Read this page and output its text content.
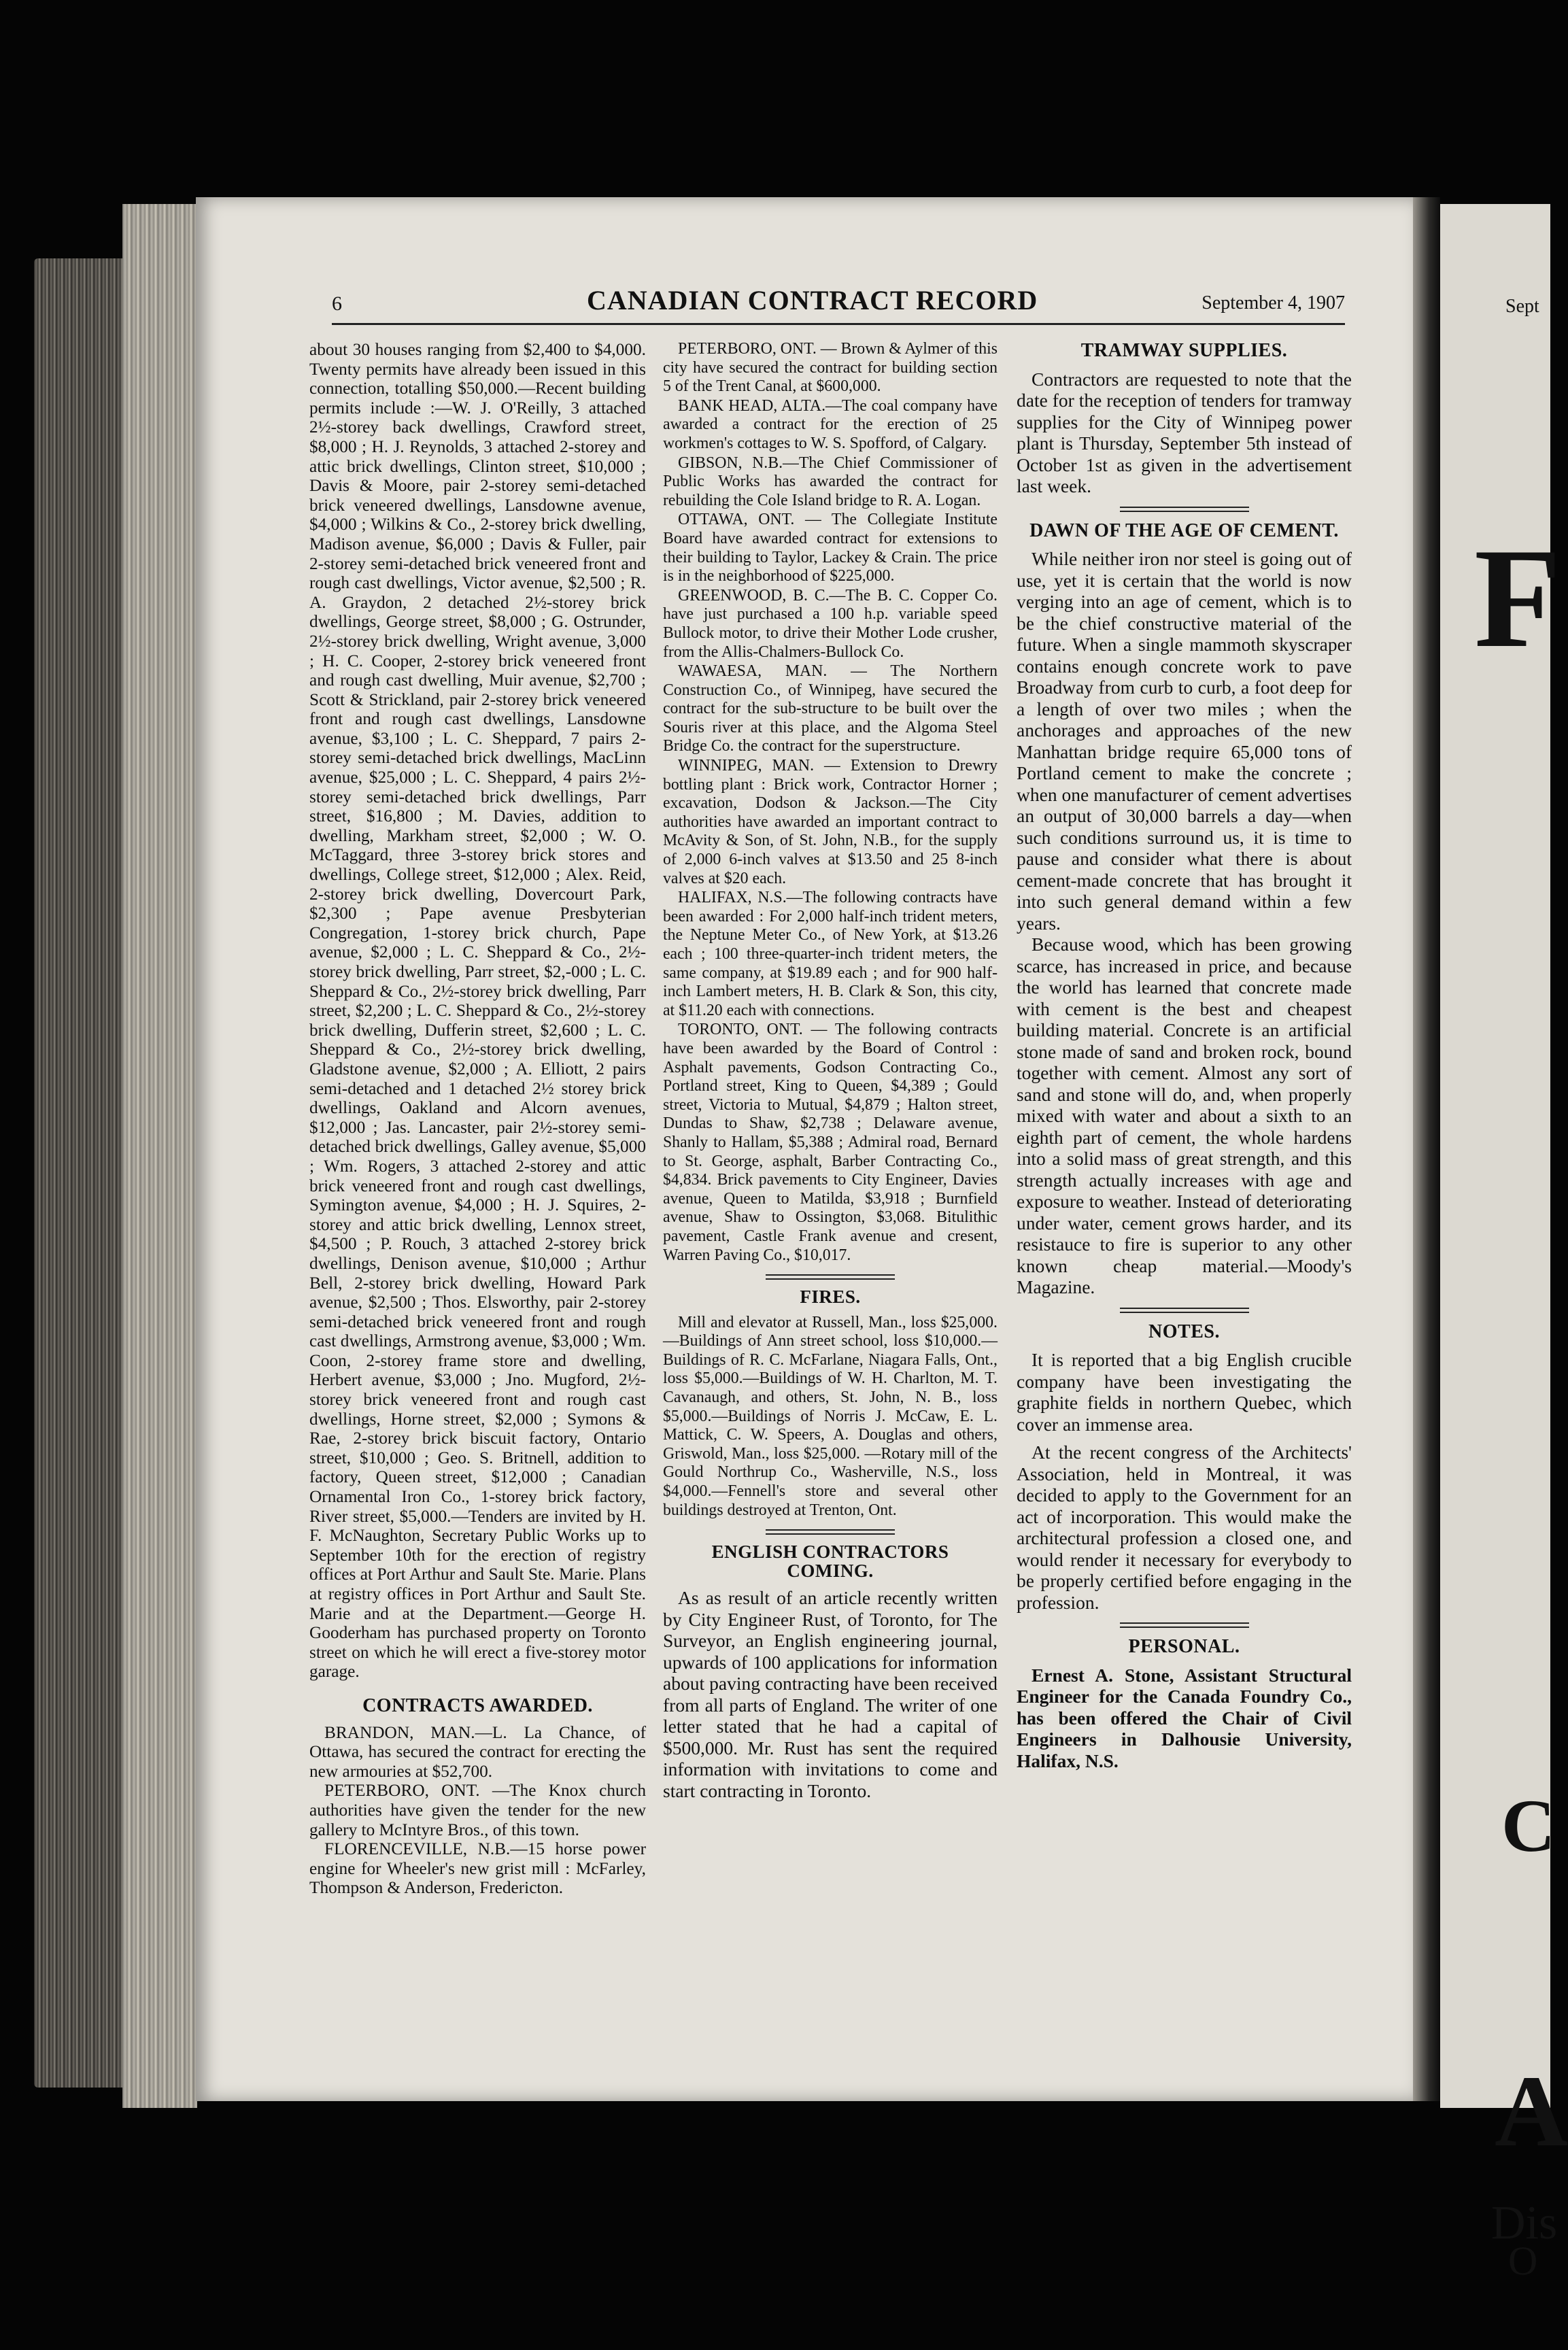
Sept
F
C
A
Dis
O
6	CANADIAN CONTRACT RECORD	September 4, 1907

about 30 houses ranging from $2,400 to $4,000. Twenty permits have already been issued in this connection, totalling $50,000.—Recent building permits include :—W. J. O'Reilly, 3 attached 2½-storey back dwellings, Crawford street, $8,000 ; H. J. Reynolds, 3 attached 2-storey and attic brick dwellings, Clinton street, $10,000 ; Davis & Moore, pair 2-storey semi-detached brick veneered dwellings, Lansdowne avenue, $4,000 ; Wilkins & Co., 2-storey brick dwelling, Madison avenue, $6,000 ; Davis & Fuller, pair 2-storey semi-detached brick veneered front and rough cast dwellings, Victor avenue, $2,500 ; R. A. Graydon, 2 detached 2½-storey brick dwellings, George street, $8,000 ; G. Ostrunder, 2½-storey brick dwelling, Wright avenue, 3,000 ; H. C. Cooper, 2-storey brick veneered front and rough cast dwelling, Muir avenue, $2,700 ; Scott & Strickland, pair 2-storey brick veneered front and rough cast dwellings, Lansdowne avenue, $3,100 ; L. C. Sheppard, 7 pairs 2-storey semi-detached brick dwellings, MacLinn avenue, $25,000 ; L. C. Sheppard, 4 pairs 2½-storey semi-detached brick dwellings, Parr street, $16,800 ; M. Davies, addition to dwelling, Markham street, $2,000 ; W. O. McTaggard, three 3-storey brick stores and dwellings, College street, $12,000 ; Alex. Reid, 2-storey brick dwelling, Dovercourt Park, $2,300 ; Pape avenue Presbyterian Congregation, 1-storey brick church, Pape avenue, $2,000 ; L. C. Sheppard & Co., 2½-storey brick dwelling, Parr street, $2,-000 ; L. C. Sheppard & Co., 2½-storey brick dwelling, Parr street, $2,200 ; L. C. Sheppard & Co., 2½-storey brick dwelling, Dufferin street, $2,600 ; L. C. Sheppard & Co., 2½-storey brick dwelling, Gladstone avenue, $2,000 ; A. Elliott, 2 pairs semi-detached and 1 detached 2½ storey brick dwellings, Oakland and Alcorn avenues, $12,000 ; Jas. Lancaster, pair 2½-storey semi-detached brick dwellings, Galley avenue, $5,000 ; Wm. Rogers, 3 attached 2-storey and attic brick veneered front and rough cast dwellings, Symington avenue, $4,000 ; H. J. Squires, 2-storey and attic brick dwelling, Lennox street, $4,500 ; P. Rouch, 3 attached 2-storey brick dwellings, Denison avenue, $10,000 ; Arthur Bell, 2-storey brick dwelling, Howard Park avenue, $2,500 ; Thos. Elsworthy, pair 2-storey semi-detached brick veneered front and rough cast dwellings, Armstrong avenue, $3,000 ; Wm. Coon, 2-storey frame store and dwelling, Herbert avenue, $3,000 ; Jno. Mugford, 2½-storey brick veneered front and rough cast dwellings, Horne street, $2,000 ; Symons & Rae, 2-storey brick biscuit factory, Ontario street, $10,000 ; Geo. S. Britnell, addition to factory, Queen street, $12,000 ; Canadian Ornamental Iron Co., 1-storey brick factory, River street, $5,000.—Tenders are invited by H. F. McNaughton, Secretary Public Works up to September 10th for the erection of registry offices at Port Arthur and Sault Ste. Marie. Plans at registry offices in Port Arthur and Sault Ste. Marie and at the Department.—George H. Gooderham has purchased property on Toronto street on which he will erect a five-storey motor garage.

CONTRACTS AWARDED.

BRANDON, MAN.—L. La Chance, of Ottawa, has secured the contract for erecting the new armouries at $52,700.

PETERBORO, ONT. —The Knox church authorities have given the tender for the new gallery to McIntyre Bros., of this town.

FLORENCEVILLE, N.B.—15 horse power engine for Wheeler's new grist mill : McFarley, Thompson & Anderson, Fredericton.

PETERBORO, ONT. — Brown & Aylmer of this city have secured the contract for building section 5 of the Trent Canal, at $600,000.

BANK HEAD, ALTA.—The coal company have awarded a contract for the erection of 25 workmen's cottages to W. S. Spofford, of Calgary.

GIBSON, N.B.—The Chief Commissioner of Public Works has awarded the contract for rebuilding the Cole Island bridge to R. A. Logan.

OTTAWA, ONT. — The Collegiate Institute Board have awarded contract for extensions to their building to Taylor, Lackey & Crain. The price is in the neighborhood of $225,000.

GREENWOOD, B. C.—The B. C. Copper Co. have just purchased a 100 h.p. variable speed Bullock motor, to drive their Mother Lode crusher, from the Allis-Chalmers-Bullock Co.

WAWAESA, MAN. — The Northern Construction Co., of Winnipeg, have secured the contract for the sub-structure to be built over the Souris river at this place, and the Algoma Steel Bridge Co. the contract for the superstructure.

WINNIPEG, MAN. — Extension to Drewry bottling plant : Brick work, Contractor Horner ; excavation, Dodson & Jackson.—The City authorities have awarded an important contract to McAvity & Son, of St. John, N.B., for the supply of 2,000 6-inch valves at $13.50 and 25 8-inch valves at $20 each.

HALIFAX, N.S.—The following contracts have been awarded : For 2,000 half-inch trident meters, the Neptune Meter Co., of New York, at $13.26 each ; 100 three-quarter-inch trident meters, the same company, at $19.89 each ; and for 900 half-inch Lambert meters, H. B. Clark & Son, this city, at $11.20 each with connections.

TORONTO, ONT. — The following contracts have been awarded by the Board of Control : Asphalt pavements, Godson Contracting Co., Portland street, King to Queen, $4,389 ; Gould street, Victoria to Mutual, $4,879 ; Halton street, Dundas to Shaw, $2,738 ; Delaware avenue, Shanly to Hallam, $5,388 ; Admiral road, Bernard to St. George, asphalt, Barber Contracting Co., $4,834. Brick pavements to City Engineer, Davies avenue, Queen to Matilda, $3,918 ; Burnfield avenue, Shaw to Ossington, $3,068. Bitulithic pavement, Castle Frank avenue and cresent, Warren Paving Co., $10,017.

FIRES.

Mill and elevator at Russell, Man., loss $25,000.—Buildings of Ann street school, loss $10,000.—Buildings of R. C. McFarlane, Niagara Falls, Ont., loss $5,000.—Buildings of W. H. Charlton, M. T. Cavanaugh, and others, St. John, N. B., loss $5,000.—Buildings of Norris J. McCaw, E. L. Mattick, C. W. Speers, A. Douglas and others, Griswold, Man., loss $25,000. —Rotary mill of the Gould Northrup Co., Washerville, N.S., loss $4,000.—Fennell's store and several other buildings destroyed at Trenton, Ont.

ENGLISH CONTRACTORS
COMING.

As as result of an article recently written by City Engineer Rust, of Toronto, for The Surveyor, an English engineering journal, upwards of 100 applications for information about paving contracting have been received from all parts of England. The writer of one letter stated that he had a capital of $500,000. Mr. Rust has sent the required information with invitations to come and start contracting in Toronto.

TRAMWAY SUPPLIES.

Contractors are requested to note that the date for the reception of tenders for tramway supplies for the City of Winnipeg power plant is Thursday, September 5th instead of October 1st as given in the advertisement last week.

DAWN OF THE AGE OF CEMENT.

While neither iron nor steel is going out of use, yet it is certain that the world is now verging into an age of cement, which is to be the chief constructive material of the future. When a single mammoth skyscraper contains enough concrete work to pave Broadway from curb to curb, a foot deep for a length of over two miles ; when the anchorages and approaches of the new Manhattan bridge require 65,000 tons of Portland cement to make the concrete ; when one manufacturer of cement advertises an output of 30,000 barrels a day—when such conditions surround us, it is time to pause and consider what there is about cement-made concrete that has brought it into such general demand within a few years.

Because wood, which has been growing scarce, has increased in price, and because the world has learned that concrete made with cement is the best and cheapest building material. Concrete is an artificial stone made of sand and broken rock, bound together with cement. Almost any sort of sand and stone will do, and, when properly mixed with water and about a sixth to an eighth part of cement, the whole hardens into a solid mass of great strength, and this strength actually increases with age and exposure to weather. Instead of deteriorating under water, cement grows harder, and its resistauce to fire is superior to any other known cheap material.—Moody's Magazine.

NOTES.

It is reported that a big English crucible company have been investigating the graphite fields in northern Quebec, which cover an immense area.

At the recent congress of the Architects' Association, held in Montreal, it was decided to apply to the Government for an act of incorporation. This would make the architectural profession a closed one, and would render it necessary for everybody to be properly certified before engaging in the profession.

PERSONAL.

Ernest A. Stone, Assistant Structural Engineer for the Canada Foundry Co., has been offered the Chair of Civil Engineers in Dalhousie University, Halifax, N.S.
